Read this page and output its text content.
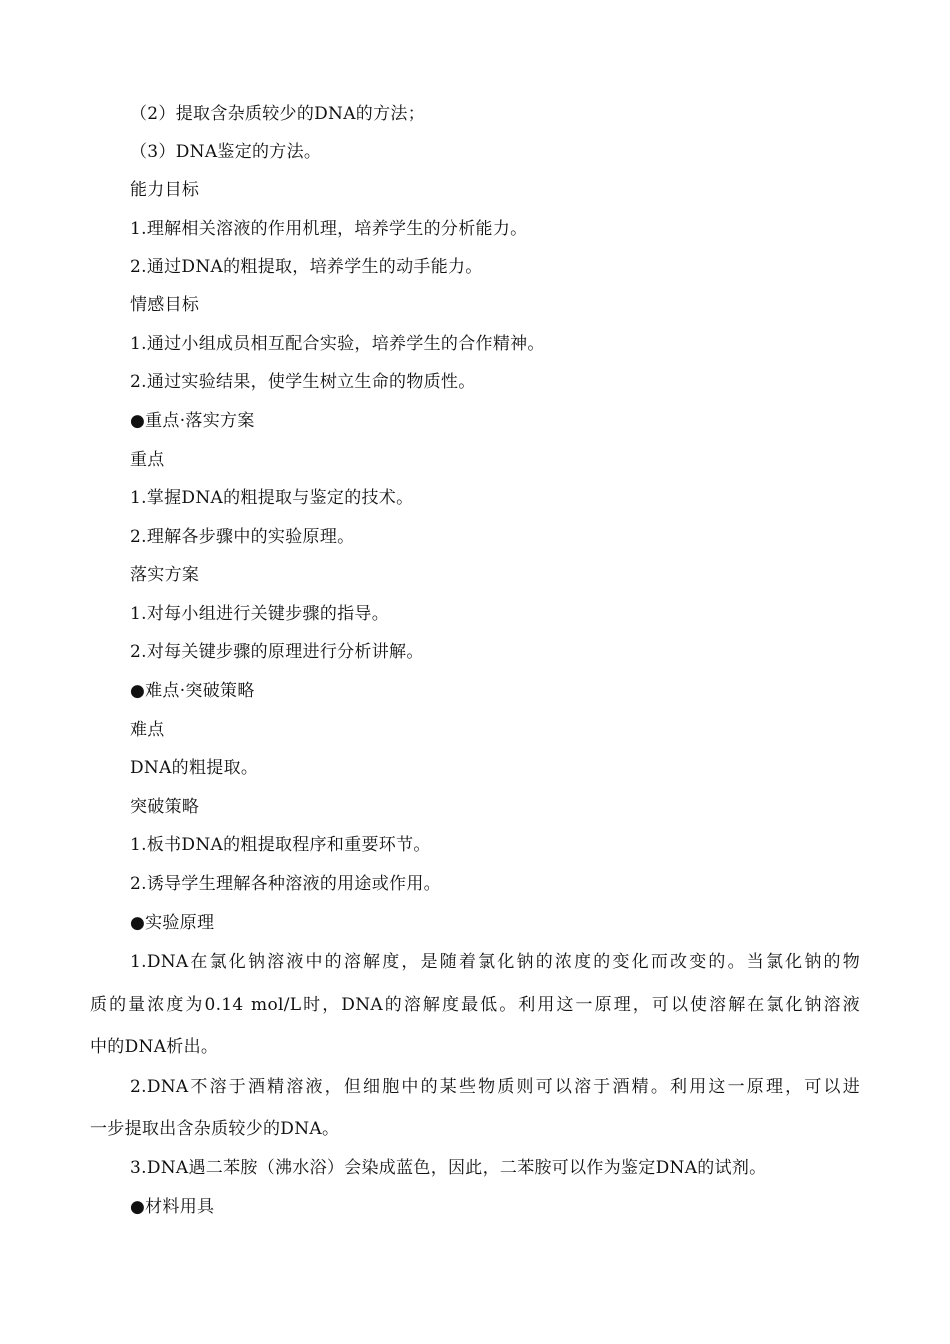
（2）提取含杂质较少的DNA的方法；
（3）DNA鉴定的方法。
能力目标
1.理解相关溶液的作用机理，培养学生的分析能力。
2.通过DNA的粗提取，培养学生的动手能力。
情感目标
1.通过小组成员相互配合实验，培养学生的合作精神。
2.通过实验结果，使学生树立生命的物质性。
●重点·落实方案
重点
1.掌握DNA的粗提取与鉴定的技术。
2.理解各步骤中的实验原理。
落实方案
1.对每小组进行关键步骤的指导。
2.对每关键步骤的原理进行分析讲解。
●难点·突破策略
难点
DNA的粗提取。
突破策略
1.板书DNA的粗提取程序和重要环节。
2.诱导学生理解各种溶液的用途或作用。
●实验原理
1.DNA在氯化钠溶液中的溶解度，是随着氯化钠的浓度的变化而改变的。当氯化钠的物
质的量浓度为0.14 mol/L时，DNA的溶解度最低。利用这一原理，可以使溶解在氯化钠溶液
中的DNA析出。
2.DNA不溶于酒精溶液，但细胞中的某些物质则可以溶于酒精。利用这一原理，可以进
一步提取出含杂质较少的DNA。
3.DNA遇二苯胺（沸水浴）会染成蓝色，因此，二苯胺可以作为鉴定DNA的试剂。
●材料用具
